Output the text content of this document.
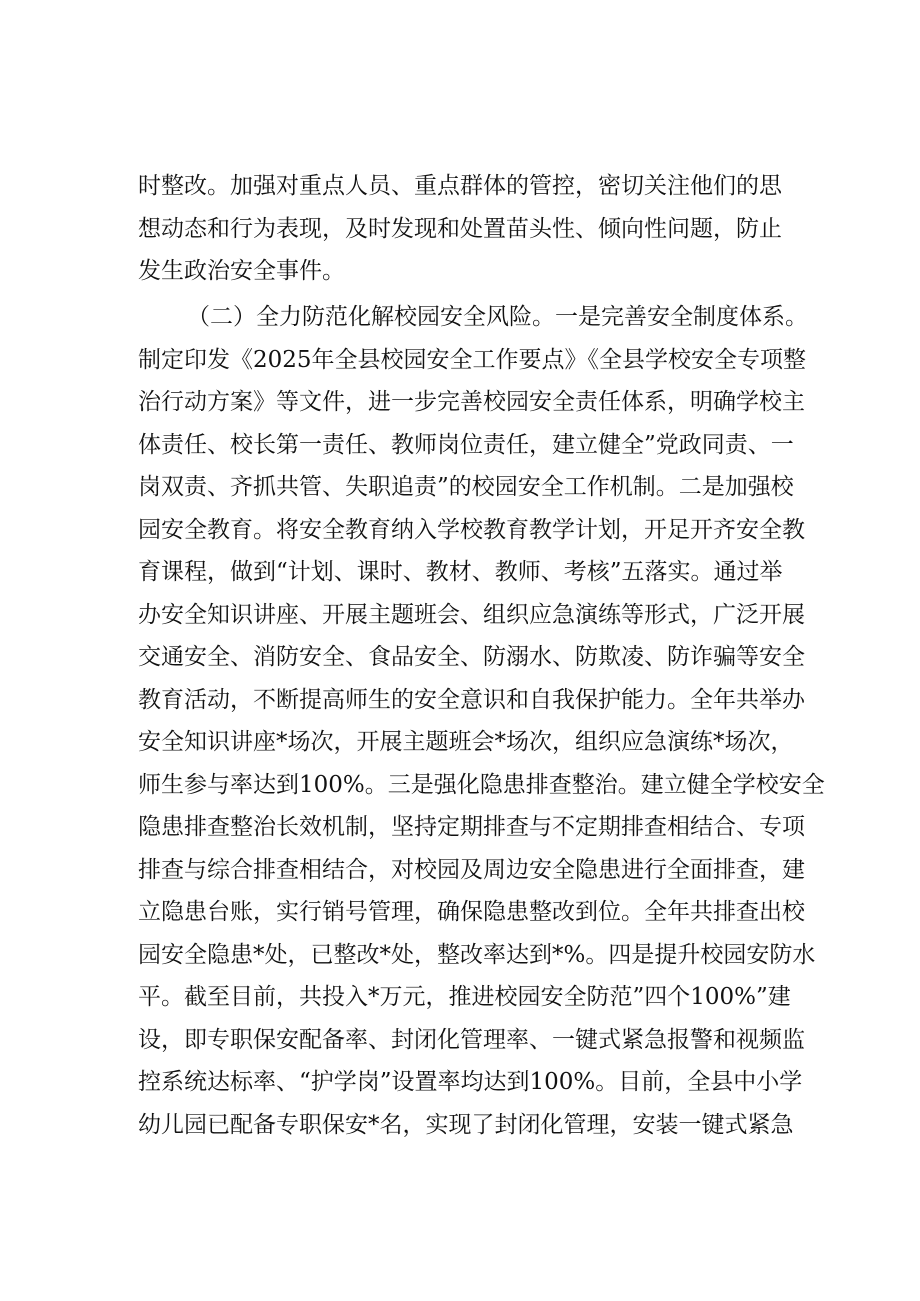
时整改。加强对重点人员、重点群体的管控，密切关注他们的思
想动态和行为表现，及时发现和处置苗头性、倾向性问题，防止
发生政治安全事件。
（二）全力防范化解校园安全风险。一是完善安全制度体系。
制定印发《2025年全县校园安全工作要点》《全县学校安全专项整
治行动方案》等文件，进一步完善校园安全责任体系，明确学校主
体责任、校长第一责任、教师岗位责任，建立健全”党政同责、一
岗双责、齐抓共管、失职追责”的校园安全工作机制。二是加强校
园安全教育。将安全教育纳入学校教育教学计划，开足开齐安全教
育课程，做到“计划、课时、教材、教师、考核”五落实。通过举
办安全知识讲座、开展主题班会、组织应急演练等形式，广泛开展
交通安全、消防安全、食品安全、防溺水、防欺凌、防诈骗等安全
教育活动，不断提高师生的安全意识和自我保护能力。全年共举办
安全知识讲座*场次，开展主题班会*场次，组织应急演练*场次，
师生参与率达到100%。三是强化隐患排查整治。建立健全学校安全
隐患排查整治长效机制，坚持定期排查与不定期排查相结合、专项
排查与综合排查相结合，对校园及周边安全隐患进行全面排查，建
立隐患台账，实行销号管理，确保隐患整改到位。全年共排查出校
园安全隐患*处，已整改*处，整改率达到*%。四是提升校园安防水
平。截至目前，共投入*万元，推进校园安全防范”四个100%”建
设，即专职保安配备率、封闭化管理率、一键式紧急报警和视频监
控系统达标率、“护学岗”设置率均达到100%。目前，全县中小学
幼儿园已配备专职保安*名，实现了封闭化管理，安装一键式紧急
